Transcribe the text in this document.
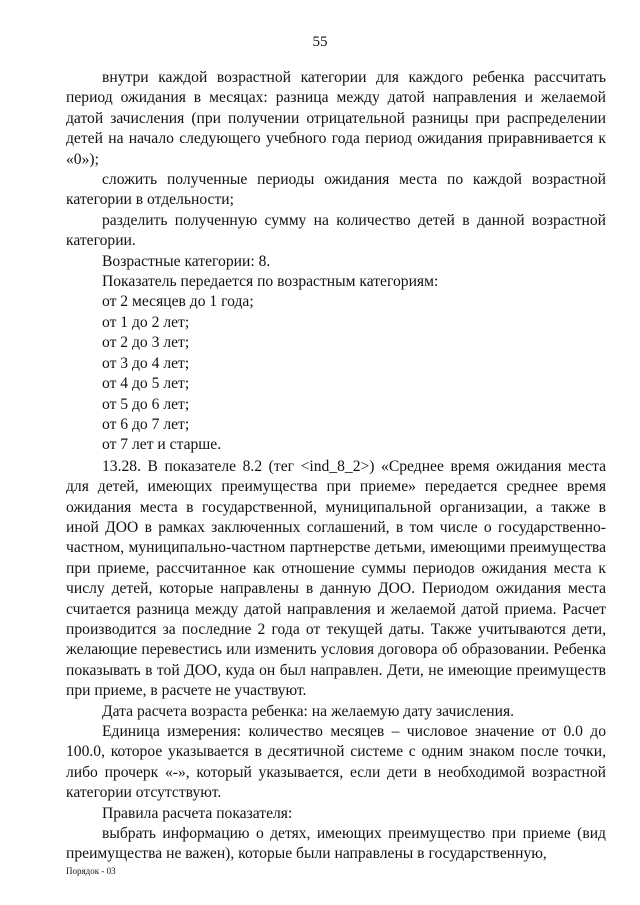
55

внутри каждой возрастной категории для каждого ребенка рассчитать период ожидания в месяцах: разница между датой направления и желаемой датой зачисления (при получении отрицательной разницы при распределении детей на начало следующего учебного года период ожидания приравнивается к «0»);

сложить полученные периоды ожидания места по каждой возрастной категории в отдельности;

разделить полученную сумму на количество детей в данной возрастной категории.

Возрастные категории: 8.

Показатель передается по возрастным категориям:

от 2 месяцев до 1 года;
от 1 до 2 лет;
от 2 до 3 лет;
от 3 до 4 лет;
от 4 до 5 лет;
от 5 до 6 лет;
от 6 до 7 лет;
от 7 лет и старше.

13.28. В показателе 8.2 (тег <ind_8_2>) «Среднее время ожидания места для детей, имеющих преимущества при приеме» передается среднее время ожидания места в государственной, муниципальной организации, а также в иной ДОО в рамках заключенных соглашений, в том числе о государственно-частном, муниципально-частном партнерстве детьми, имеющими преимущества при приеме, рассчитанное как отношение суммы периодов ожидания места к числу детей, которые направлены в данную ДОО. Периодом ожидания места считается разница между датой направления и желаемой датой приема. Расчет производится за последние 2 года от текущей даты. Также учитываются дети, желающие перевестись или изменить условия договора об образовании. Ребенка показывать в той ДОО, куда он был направлен. Дети, не имеющие преимуществ при приеме, в расчете не участвуют.

Дата расчета возраста ребенка: на желаемую дату зачисления.

Единица измерения: количество месяцев – числовое значение от 0.0 до 100.0, которое указывается в десятичной системе с одним знаком после точки, либо прочерк «-», который указывается, если дети в необходимой возрастной категории отсутствуют.

Правила расчета показателя:

выбрать информацию о детях, имеющих преимущество при приеме (вид преимущества не важен), которые были направлены в государственную,

Порядок - 03
